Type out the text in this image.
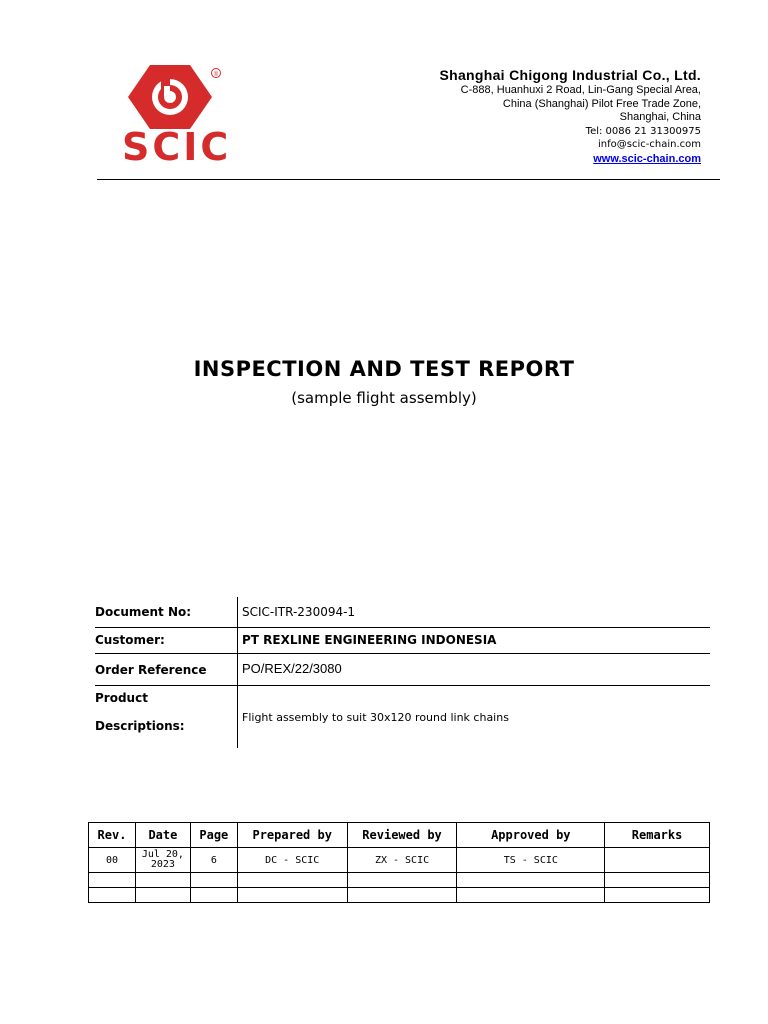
®
SCIC
Shanghai Chigong Industrial Co., Ltd.
C-888, Huanhuxi 2 Road, Lin-Gang Special Area,
China (Shanghai) Pilot Free Trade Zone,
Shanghai, China
Tel: 0086 21 31300975
info@scic-chain.com
www.scic-chain.com
INSPECTION AND TEST REPORT
(sample flight assembly)
Document No:	SCIC-ITR-230094-1
Customer:	PT REXLINE ENGINEERING INDONESIA
Order Reference	PO/REX/22/3080
Product
Descriptions:
Flight assembly to suit 30x120 round link chains
Rev.	Date	Page	Prepared by	Reviewed by	Approved by	Remarks
00	Jul 20, 2023	6	DC - SCIC	ZX - SCIC	TS - SCIC	
